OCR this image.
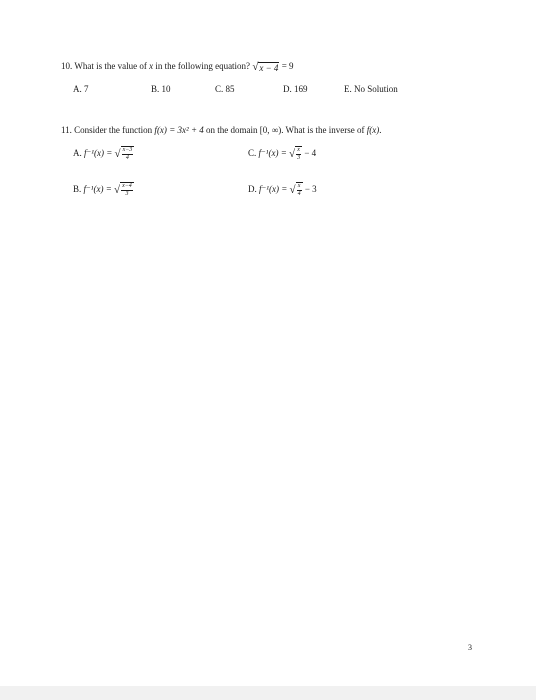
10. What is the value of x in the following equation? √x − 4 = 9
A. 7	B. 10	C. 85	D. 169	E. No Solution
11. Consider the function f(x) = 3x² + 4 on the domain [0, ∞). What is the inverse of f(x).
A. f⁻¹(x) = √ $\frac{x-3}{4}$	C. f⁻¹(x) = √ $\frac{x}{3} - 4$
B. f⁻¹(x) = √ $\frac{x-4}{3}$	D. f⁻¹(x) = √ $\frac{x}{4} - 3$
3
